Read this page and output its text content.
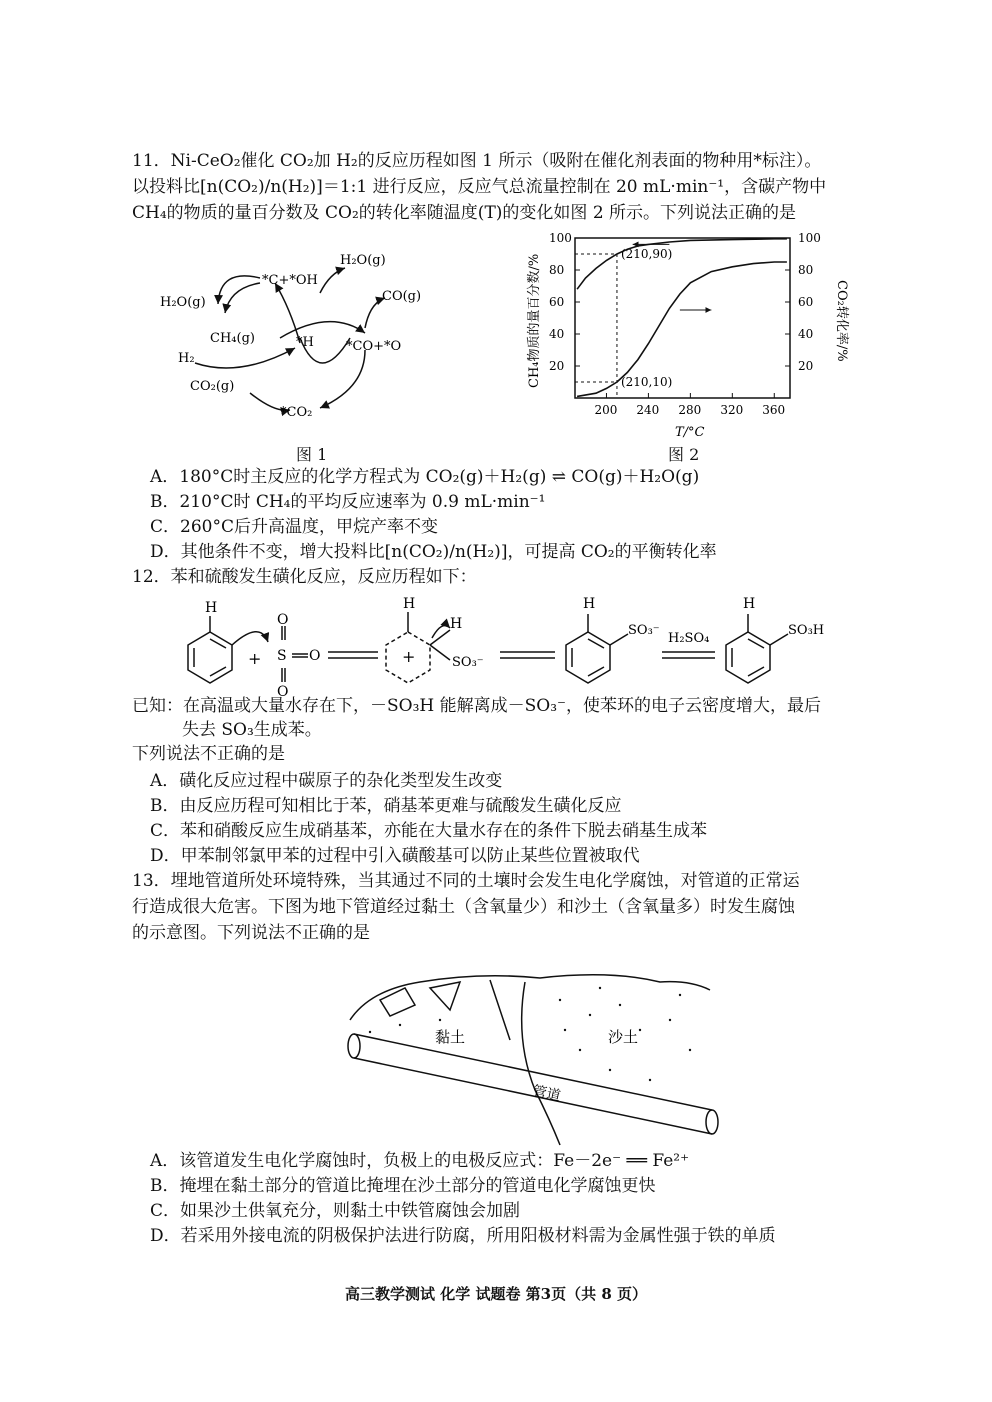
11．Ni-CeO₂催化 CO₂加 H₂的反应历程如图 1 所示（吸附在催化剂表面的物种用*标注）。
以投料比[n(CO₂)/n(H₂)]＝1:1 进行反应，反应气总流量控制在 20 mL·min⁻¹，含碳产物中
CH₄的物质的量百分数及 CO₂的转化率随温度(T)的变化如图 2 所示。下列说法正确的是
H₂O(g)
*C+*OH
H₂O(g)
CO(g)
CH₄(g)	*H *CO+*O
H₂
CO₂(g)
*CO₂
图 1
200 240 280 320 360
20	20
40	40
60	60
80	80
100	100
(210,90)
(210,10)
CH₄物质的量百分数/%	CO₂转化率/%
T/°C
图 2
A．180°C时主反应的化学方程式为 CO₂(g)＋H₂(g) ⇌ CO(g)＋H₂O(g)
B．210°C时 CH₄的平均反应速率为 0.9 mL·min⁻¹
C．260°C后升高温度，甲烷产率不变
D．其他条件不变，增大投料比[n(CO₂)/n(H₂)]，可提高 CO₂的平衡转化率
12．苯和硫酸发生磺化反应，反应历程如下：
H
+ S
O
O
O
H
H
+	SO₃⁻
H
SO₃⁻
H₂SO₄
H
SO₃H
已知：在高温或大量水存在下，－SO₃H 能解离成－SO₃⁻，使苯环的电子云密度增大，最后
失去 SO₃生成苯。
下列说法不正确的是
A．磺化反应过程中碳原子的杂化类型发生改变
B．由反应历程可知相比于苯，硝基苯更难与硫酸发生磺化反应
C．苯和硝酸反应生成硝基苯，亦能在大量水存在的条件下脱去硝基生成苯
D．甲苯制邻氯甲苯的过程中引入磺酸基可以防止某些位置被取代
13．埋地管道所处环境特殊，当其通过不同的土壤时会发生电化学腐蚀，对管道的正常运
行造成很大危害。下图为地下管道经过黏土（含氧量少）和沙土（含氧量多）时发生腐蚀
的示意图。下列说法不正确的是
黏土	沙土
管道
A．该管道发生电化学腐蚀时，负极上的电极反应式：Fe－2e⁻ ══ Fe²⁺
B．掩埋在黏土部分的管道比掩埋在沙土部分的管道电化学腐蚀更快
C．如果沙土供氧充分，则黏土中铁管腐蚀会加剧
D．若采用外接电流的阴极保护法进行防腐，所用阳极材料需为金属性强于铁的单质
高三教学测试 化学 试题卷 第3页（共 8 页）
